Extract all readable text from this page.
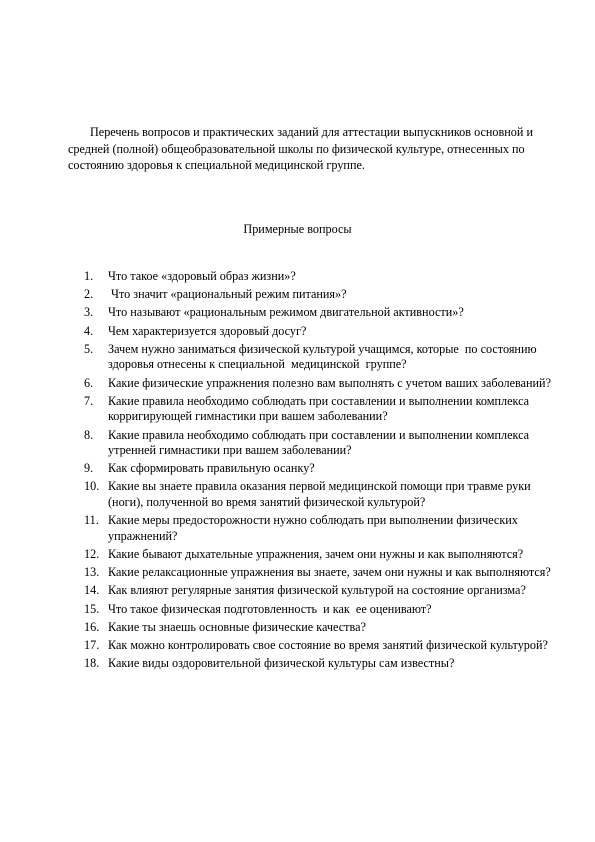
Перечень вопросов и практических заданий для аттестации выпускников основной и средней (полной) общеобразовательной школы по физической культуре, отнесенных по состоянию здоровья к специальной медицинской группе.

Примерные вопросы

1.	Что такое «здоровый образ жизни»?
2.	Что значит «рациональный режим питания»?
3.	Что называют «рациональным режимом двигательной активности»?
4.	Чем характеризуется здоровый досуг?
5.	Зачем нужно заниматься физической культурой учащимся, которые  по состоянию здоровья отнесены к специальной  медицинской  группе?
6.	Какие физические упражнения полезно вам выполнять с учетом ваших заболеваний?
7.	Какие правила необходимо соблюдать при составлении и выполнении комплекса корригирующей гимнастики при вашем заболевании?
8.	Какие правила необходимо соблюдать при составлении и выполнении комплекса утренней гимнастики при вашем заболевании?
9.	Как сформировать правильную осанку?
10. Какие вы знаете правила оказания первой медицинской помощи при травме руки (ноги), полученной во время занятий физической культурой?
11. Какие меры предосторожности нужно соблюдать при выполнении физических упражнений?
12. Какие бывают дыхательные упражнения, зачем они нужны и как выполняются?
13. Какие релаксационные упражнения вы знаете, зачем они нужны и как выполняются?
14. Как влияют регулярные занятия физической культурой на состояние организма?
15. Что такое физическая подготовленность  и как  ее оценивают?
16. Какие ты знаешь основные физические качества?
17. Как можно контролировать свое состояние во время занятий физической культурой?
18. Какие виды оздоровительной физической культуры сам известны?
